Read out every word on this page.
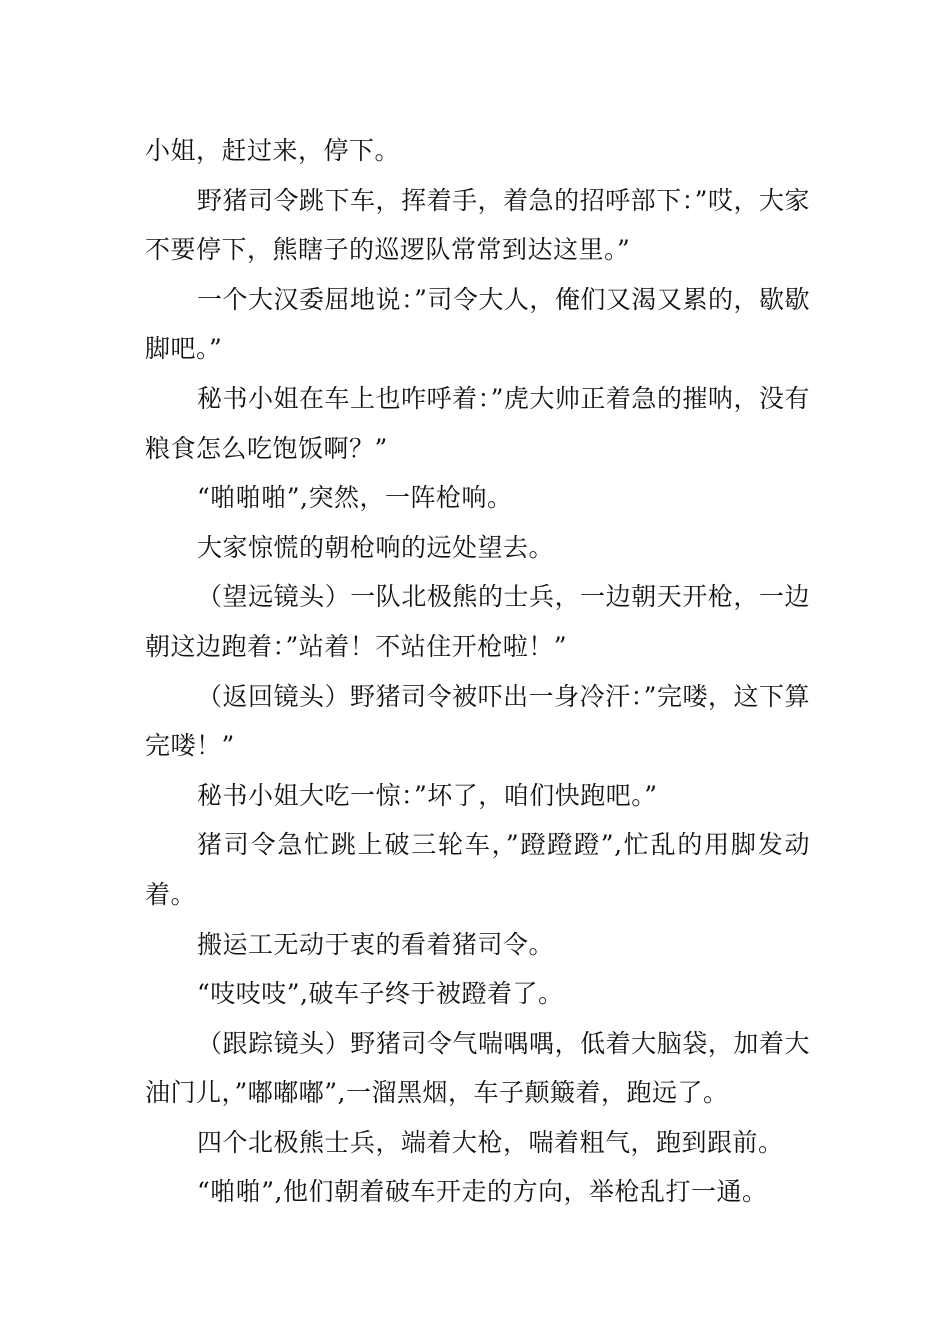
小姐，赶过来，停下。

野猪司令跳下车，挥着手，着急的招呼部下：”哎，大家不要停下，熊瞎子的巡逻队常常到达这里。”

一个大汉委屈地说：”司令大人，俺们又渴又累的，歇歇脚吧。”

秘书小姐在车上也咋呼着：”虎大帅正着急的摧呐，没有粮食怎么吃饱饭啊？”

“啪啪啪”,突然，一阵枪响。

大家惊慌的朝枪响的远处望去。

（望远镜头）一队北极熊的士兵，一边朝天开枪，一边朝这边跑着：”站着！不站住开枪啦！”

（返回镜头）野猪司令被吓出一身冷汗：”完喽，这下算完喽！”

秘书小姐大吃一惊：”坏了，咱们快跑吧。”

猪司令急忙跳上破三轮车，”蹬蹬蹬”,忙乱的用脚发动着。

搬运工无动于衷的看着猪司令。

“吱吱吱”,破车子终于被蹬着了。

（跟踪镜头）野猪司令气喘喁喁，低着大脑袋，加着大油门儿，”嘟嘟嘟”,一溜黑烟，车子颠簸着，跑远了。

四个北极熊士兵，端着大枪，喘着粗气，跑到跟前。

“啪啪”,他们朝着破车开走的方向，举枪乱打一通。
